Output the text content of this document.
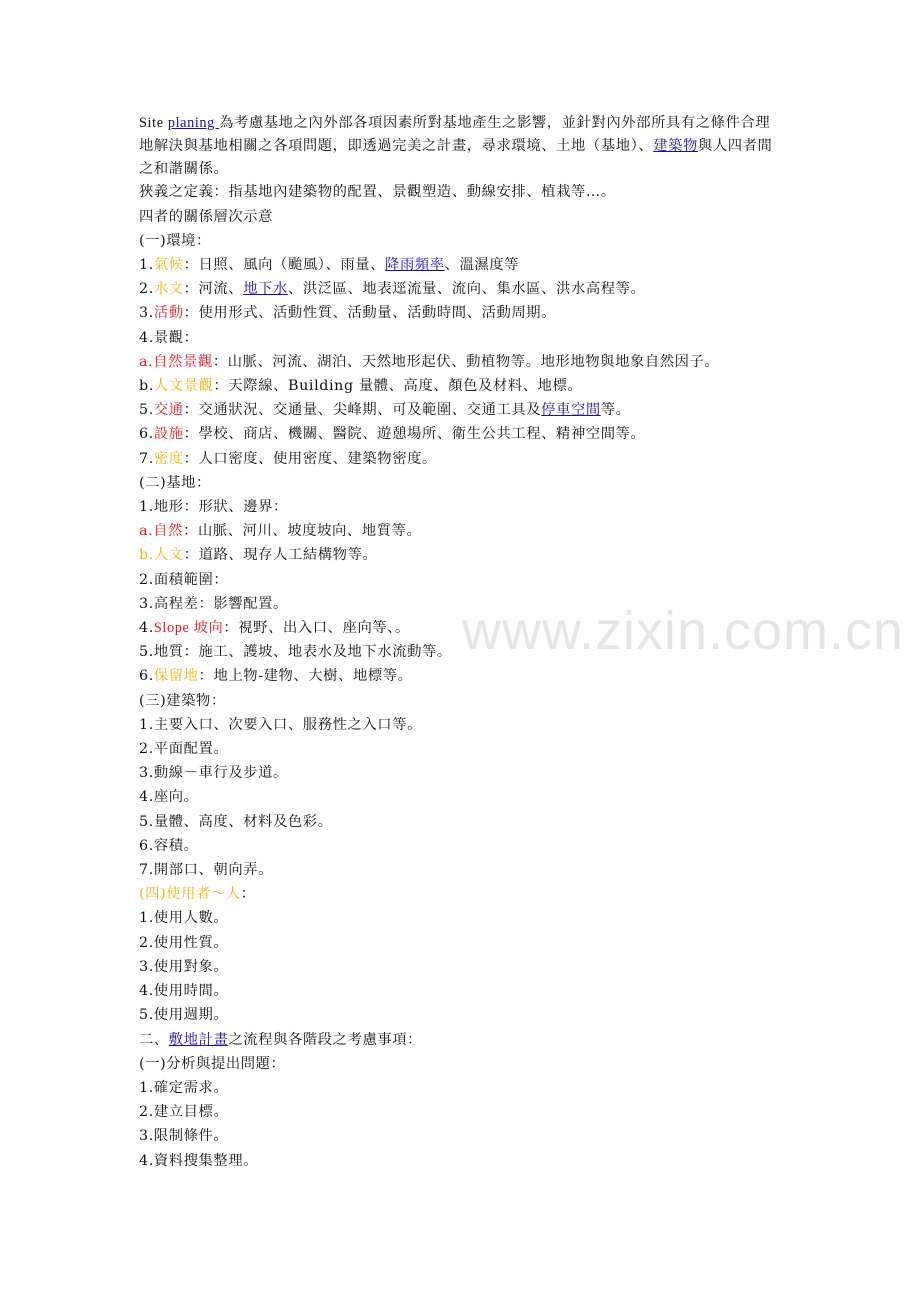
www.zixin.com.cn
Site planing 為考慮基地之內外部各項因素所對基地產生之影響，並針對內外部所具有之條件合理地解決與基地相關之各項問題，即透過完美之計畫，尋求環境、土地（基地）、建築物與人四者間之和諧關係。
狹義之定義：指基地內建築物的配置、景觀塑造、動線安排、植栽等…。
四者的關係層次示意
(一)環境：
1.氣候：日照、風向（颱風）、雨量、降雨頻率、溫濕度等
2.水文：河流、地下水、洪泛區、地表逕流量、流向、集水區、洪水高程等。
3.活動：使用形式、活動性質、活動量、活動時間、活動周期。
4.景觀：
a.自然景觀：山脈、河流、湖泊、天然地形起伏、動植物等。地形地物與地象自然因子。
b.人文景觀：天際線、Building 量體、高度、顏色及材料、地標。
5.交通：交通狀況、交通量、尖峰期、可及範圍、交通工具及停車空間等。
6.設施：學校、商店、機關、醫院、遊憩場所、衛生公共工程、精神空間等。
7.密度：人口密度、使用密度、建築物密度。
(二)基地：
1.地形：形狀、邊界：
a.自然：山脈、河川、坡度坡向、地質等。
b.人文：道路、現存人工結構物等。
2.面積範圍：
3.高程差：影響配置。
4.Slope 坡向：視野、出入口、座向等、。
5.地質：施工、護坡、地表水及地下水流動等。
6.保留地：地上物-建物、大樹、地標等。
(三)建築物：
1.主要入口、次要入口、服務性之入口等。
2.平面配置。
3.動線－車行及步道。
4.座向。
5.量體、高度、材料及色彩。
6.容積。
7.開部口、朝向弄。
(四)使用者～人：
1.使用人數。
2.使用性質。
3.使用對象。
4.使用時間。
5.使用週期。
二、敷地計畫之流程與各階段之考慮事項：
(一)分析與提出問題：
1.確定需求。
2.建立目標。
3.限制條件。
4.資料搜集整理。
